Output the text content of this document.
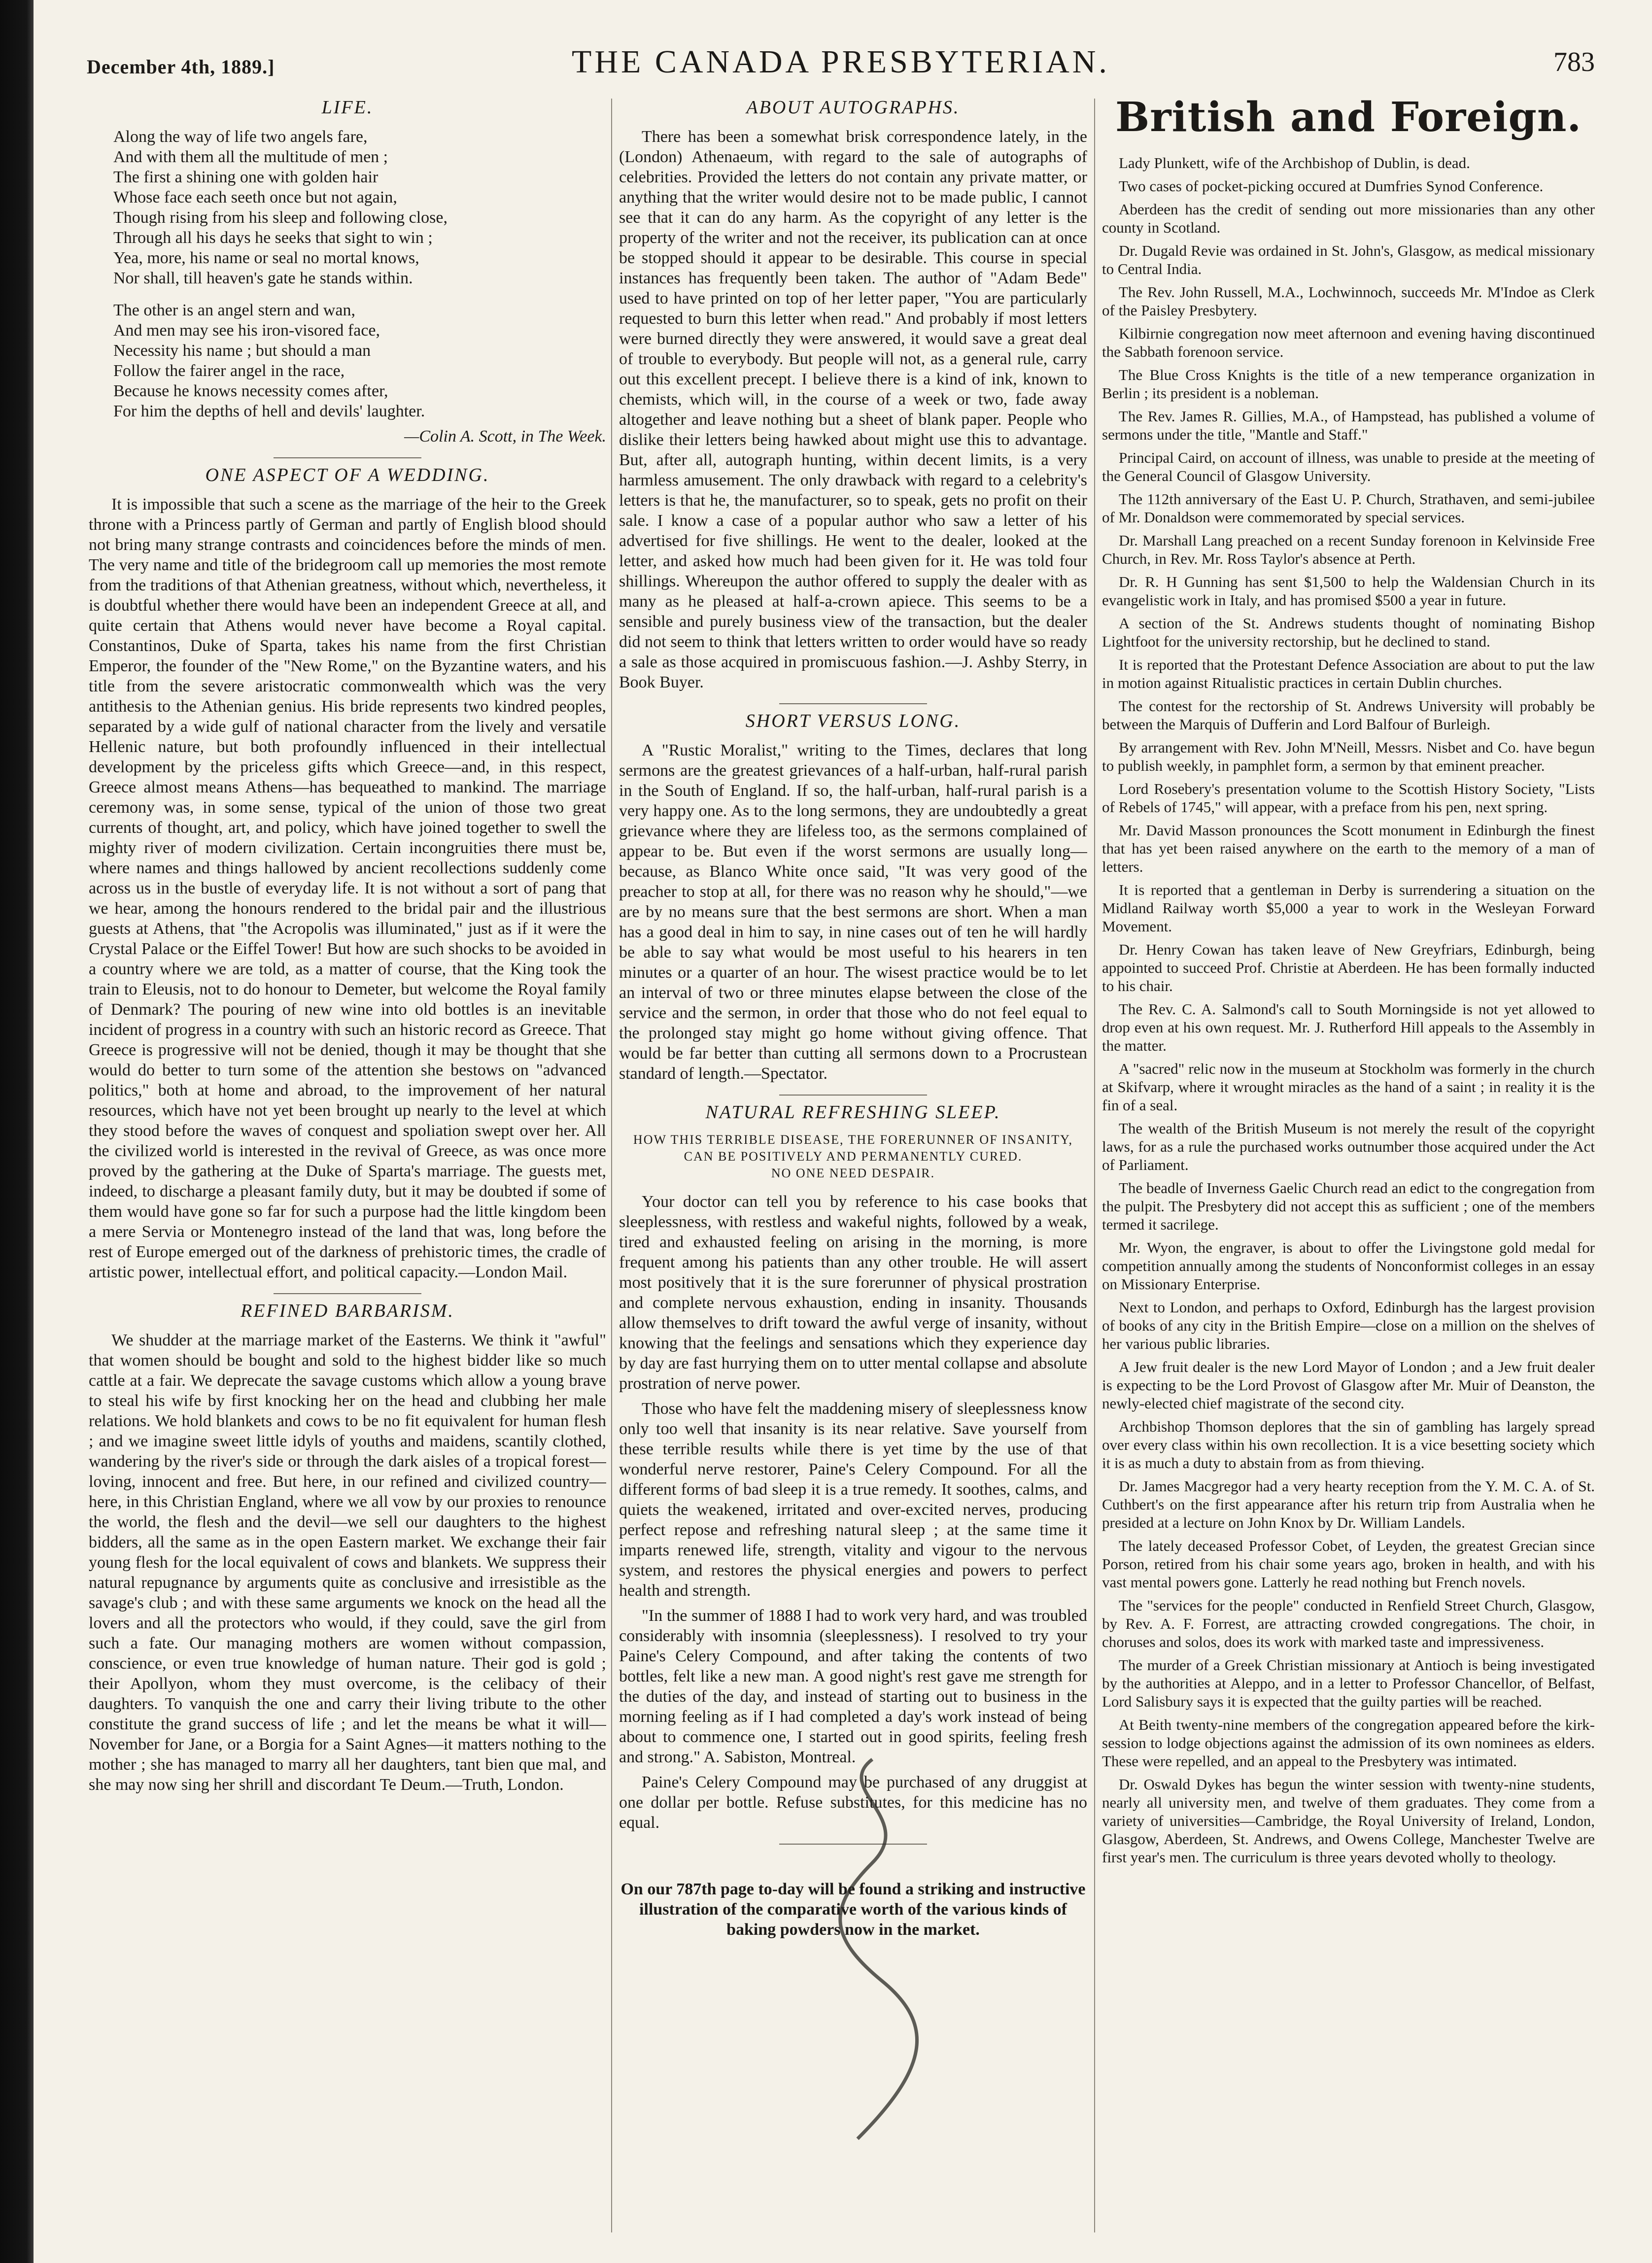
December 4th, 1889.]	THE CANADA PRESBYTERIAN.	783
LIFE.
Along the way of life two angels fare,
And with them all the multitude of men ;
The first a shining one with golden hair
Whose face each seeth once but not again,
Though rising from his sleep and following close,
Through all his days he seeks that sight to win ;
Yea, more, his name or seal no mortal knows,
Nor shall, till heaven's gate he stands within.
The other is an angel stern and wan,
And men may see his iron-visored face,
Necessity his name ; but should a man
Follow the fairer angel in the race,
Because he knows necessity comes after,
For him the depths of hell and devils' laughter.
—Colin A. Scott, in The Week.
ONE ASPECT OF A WEDDING.

It is impossible that such a scene as the marriage of the heir to the Greek throne with a Princess partly of German and partly of English blood should not bring many strange contrasts and coincidences before the minds of men. The very name and title of the bridegroom call up memories the most remote from the traditions of that Athenian greatness, without which, nevertheless, it is doubtful whether there would have been an independent Greece at all, and quite certain that Athens would never have become a Royal capital. Constantinos, Duke of Sparta, takes his name from the first Christian Emperor, the founder of the "New Rome," on the Byzantine waters, and his title from the severe aristocratic commonwealth which was the very antithesis to the Athenian genius. His bride represents two kindred peoples, separated by a wide gulf of national character from the lively and versatile Hellenic nature, but both profoundly influenced in their intellectual development by the priceless gifts which Greece—and, in this respect, Greece almost means Athens—has bequeathed to mankind. The marriage ceremony was, in some sense, typical of the union of those two great currents of thought, art, and policy, which have joined together to swell the mighty river of modern civilization. Certain incongruities there must be, where names and things hallowed by ancient recollections suddenly come across us in the bustle of everyday life. It is not without a sort of pang that we hear, among the honours rendered to the bridal pair and the illustrious guests at Athens, that "the Acropolis was illuminated," just as if it were the Crystal Palace or the Eiffel Tower! But how are such shocks to be avoided in a country where we are told, as a matter of course, that the King took the train to Eleusis, not to do honour to Demeter, but welcome the Royal family of Denmark? The pouring of new wine into old bottles is an inevitable incident of progress in a country with such an historic record as Greece. That Greece is progressive will not be denied, though it may be thought that she would do better to turn some of the attention she bestows on "advanced politics," both at home and abroad, to the improvement of her natural resources, which have not yet been brought up nearly to the level at which they stood before the waves of conquest and spoliation swept over her. All the civilized world is interested in the revival of Greece, as was once more proved by the gathering at the Duke of Sparta's marriage. The guests met, indeed, to discharge a pleasant family duty, but it may be doubted if some of them would have gone so far for such a purpose had the little kingdom been a mere Servia or Montenegro instead of the land that was, long before the rest of Europe emerged out of the darkness of prehistoric times, the cradle of artistic power, intellectual effort, and political capacity.—London Mail.

REFINED BARBARISM.

We shudder at the marriage market of the Easterns. We think it "awful" that women should be bought and sold to the highest bidder like so much cattle at a fair. We deprecate the savage customs which allow a young brave to steal his wife by first knocking her on the head and clubbing her male relations. We hold blankets and cows to be no fit equivalent for human flesh ; and we imagine sweet little idyls of youths and maidens, scantily clothed, wandering by the river's side or through the dark aisles of a tropical forest—loving, innocent and free. But here, in our refined and civilized country—here, in this Christian England, where we all vow by our proxies to renounce the world, the flesh and the devil—we sell our daughters to the highest bidders, all the same as in the open Eastern market. We exchange their fair young flesh for the local equivalent of cows and blankets. We suppress their natural repugnance by arguments quite as conclusive and irresistible as the savage's club ; and with these same arguments we knock on the head all the lovers and all the protectors who would, if they could, save the girl from such a fate. Our managing mothers are women without compassion, conscience, or even true knowledge of human nature. Their god is gold ; their Apollyon, whom they must overcome, is the celibacy of their daughters. To vanquish the one and carry their living tribute to the other constitute the grand success of life ; and let the means be what it will—November for Jane, or a Borgia for a Saint Agnes—it matters nothing to the mother ; she has managed to marry all her daughters, tant bien que mal, and she may now sing her shrill and discordant Te Deum.—Truth, London.

ABOUT AUTOGRAPHS.

There has been a somewhat brisk correspondence lately, in the (London) Athenaeum, with regard to the sale of autographs of celebrities. Provided the letters do not contain any private matter, or anything that the writer would desire not to be made public, I cannot see that it can do any harm. As the copyright of any letter is the property of the writer and not the receiver, its publication can at once be stopped should it appear to be desirable. This course in special instances has frequently been taken. The author of "Adam Bede" used to have printed on top of her letter paper, "You are particularly requested to burn this letter when read." And probably if most letters were burned directly they were answered, it would save a great deal of trouble to everybody. But people will not, as a general rule, carry out this excellent precept. I believe there is a kind of ink, known to chemists, which will, in the course of a week or two, fade away altogether and leave nothing but a sheet of blank paper. People who dislike their letters being hawked about might use this to advantage. But, after all, autograph hunting, within decent limits, is a very harmless amusement. The only drawback with regard to a celebrity's letters is that he, the manufacturer, so to speak, gets no profit on their sale. I know a case of a popular author who saw a letter of his advertised for five shillings. He went to the dealer, looked at the letter, and asked how much had been given for it. He was told four shillings. Whereupon the author offered to supply the dealer with as many as he pleased at half-a-crown apiece. This seems to be a sensible and purely business view of the transaction, but the dealer did not seem to think that letters written to order would have so ready a sale as those acquired in promiscuous fashion.—J. Ashby Sterry, in Book Buyer.

SHORT VERSUS LONG.

A "Rustic Moralist," writing to the Times, declares that long sermons are the greatest grievances of a half-urban, half-rural parish in the South of England. If so, the half-urban, half-rural parish is a very happy one. As to the long sermons, they are undoubtedly a great grievance where they are lifeless too, as the sermons complained of appear to be. But even if the worst sermons are usually long—because, as Blanco White once said, "It was very good of the preacher to stop at all, for there was no reason why he should,"—we are by no means sure that the best sermons are short. When a man has a good deal in him to say, in nine cases out of ten he will hardly be able to say what would be most useful to his hearers in ten minutes or a quarter of an hour. The wisest practice would be to let an interval of two or three minutes elapse between the close of the service and the sermon, in order that those who do not feel equal to the prolonged stay might go home without giving offence. That would be far better than cutting all sermons down to a Procrustean standard of length.—Spectator.

NATURAL REFRESHING SLEEP.
HOW THIS TERRIBLE DISEASE, THE FORERUNNER OF INSANITY,
CAN BE POSITIVELY AND PERMANENTLY CURED.
NO ONE NEED DESPAIR.

Your doctor can tell you by reference to his case books that sleeplessness, with restless and wakeful nights, followed by a weak, tired and exhausted feeling on arising in the morning, is more frequent among his patients than any other trouble. He will assert most positively that it is the sure forerunner of physical prostration and complete nervous exhaustion, ending in insanity. Thousands allow themselves to drift toward the awful verge of insanity, without knowing that the feelings and sensations which they experience day by day are fast hurrying them on to utter mental collapse and absolute prostration of nerve power.

Those who have felt the maddening misery of sleeplessness know only too well that insanity is its near relative. Save yourself from these terrible results while there is yet time by the use of that wonderful nerve restorer, Paine's Celery Compound. For all the different forms of bad sleep it is a true remedy. It soothes, calms, and quiets the weakened, irritated and over-excited nerves, producing perfect repose and refreshing natural sleep ; at the same time it imparts renewed life, strength, vitality and vigour to the nervous system, and restores the physical energies and powers to perfect health and strength.

"In the summer of 1888 I had to work very hard, and was troubled considerably with insomnia (sleeplessness). I resolved to try your Paine's Celery Compound, and after taking the contents of two bottles, felt like a new man. A good night's rest gave me strength for the duties of the day, and instead of starting out to business in the morning feeling as if I had completed a day's work instead of being about to commence one, I started out in good spirits, feeling fresh and strong." A. Sabiston, Montreal.

Paine's Celery Compound may be purchased of any druggist at one dollar per bottle. Refuse substitutes, for this medicine has no equal.

On our 787th page to-day will be found a striking and instructive illustration of the comparative worth of the various kinds of baking powders now in the market.
British and Foreign.

Lady Plunkett, wife of the Archbishop of Dublin, is dead.

Two cases of pocket-picking occured at Dumfries Synod Conference.

Aberdeen has the credit of sending out more missionaries than any other county in Scotland.

Dr. Dugald Revie was ordained in St. John's, Glasgow, as medical missionary to Central India.

The Rev. John Russell, M.A., Lochwinnoch, succeeds Mr. M'Indoe as Clerk of the Paisley Presbytery.

Kilbirnie congregation now meet afternoon and evening having discontinued the Sabbath forenoon service.

The Blue Cross Knights is the title of a new temperance organization in Berlin ; its president is a nobleman.

The Rev. James R. Gillies, M.A., of Hampstead, has published a volume of sermons under the title, "Mantle and Staff."

Principal Caird, on account of illness, was unable to preside at the meeting of the General Council of Glasgow University.

The 112th anniversary of the East U. P. Church, Strathaven, and semi-jubilee of Mr. Donaldson were commemorated by special services.

Dr. Marshall Lang preached on a recent Sunday forenoon in Kelvinside Free Church, in Rev. Mr. Ross Taylor's absence at Perth.

Dr. R. H Gunning has sent $1,500 to help the Waldensian Church in its evangelistic work in Italy, and has promised $500 a year in future.

A section of the St. Andrews students thought of nominating Bishop Lightfoot for the university rectorship, but he declined to stand.

It is reported that the Protestant Defence Association are about to put the law in motion against Ritualistic practices in certain Dublin churches.

The contest for the rectorship of St. Andrews University will probably be between the Marquis of Dufferin and Lord Balfour of Burleigh.

By arrangement with Rev. John M'Neill, Messrs. Nisbet and Co. have begun to publish weekly, in pamphlet form, a sermon by that eminent preacher.

Lord Rosebery's presentation volume to the Scottish History Society, "Lists of Rebels of 1745," will appear, with a preface from his pen, next spring.

Mr. David Masson pronounces the Scott monument in Edinburgh the finest that has yet been raised anywhere on the earth to the memory of a man of letters.

It is reported that a gentleman in Derby is surrendering a situation on the Midland Railway worth $5,000 a year to work in the Wesleyan Forward Movement.

Dr. Henry Cowan has taken leave of New Greyfriars, Edinburgh, being appointed to succeed Prof. Christie at Aberdeen. He has been formally inducted to his chair.

The Rev. C. A. Salmond's call to South Morningside is not yet allowed to drop even at his own request. Mr. J. Rutherford Hill appeals to the Assembly in the matter.

A "sacred" relic now in the museum at Stockholm was formerly in the church at Skifvarp, where it wrought miracles as the hand of a saint ; in reality it is the fin of a seal.

The wealth of the British Museum is not merely the result of the copyright laws, for as a rule the purchased works outnumber those acquired under the Act of Parliament.

The beadle of Inverness Gaelic Church read an edict to the congregation from the pulpit. The Presbytery did not accept this as sufficient ; one of the members termed it sacrilege.

Mr. Wyon, the engraver, is about to offer the Livingstone gold medal for competition annually among the students of Nonconformist colleges in an essay on Missionary Enterprise.

Next to London, and perhaps to Oxford, Edinburgh has the largest provision of books of any city in the British Empire—close on a million on the shelves of her various public libraries.

A Jew fruit dealer is the new Lord Mayor of London ; and a Jew fruit dealer is expecting to be the Lord Provost of Glasgow after Mr. Muir of Deanston, the newly-elected chief magistrate of the second city.

Archbishop Thomson deplores that the sin of gambling has largely spread over every class within his own recollection. It is a vice besetting society which it is as much a duty to abstain from as from thieving.

Dr. James Macgregor had a very hearty reception from the Y. M. C. A. of St. Cuthbert's on the first appearance after his return trip from Australia when he presided at a lecture on John Knox by Dr. William Landels.

The lately deceased Professor Cobet, of Leyden, the greatest Grecian since Porson, retired from his chair some years ago, broken in health, and with his vast mental powers gone. Latterly he read nothing but French novels.

The "services for the people" conducted in Renfield Street Church, Glasgow, by Rev. A. F. Forrest, are attracting crowded congregations. The choir, in choruses and solos, does its work with marked taste and impressiveness.

The murder of a Greek Christian missionary at Antioch is being investigated by the authorities at Aleppo, and in a letter to Professor Chancellor, of Belfast, Lord Salisbury says it is expected that the guilty parties will be reached.

At Beith twenty-nine members of the congregation appeared before the kirk-session to lodge objections against the admission of its own nominees as elders. These were repelled, and an appeal to the Presbytery was intimated.

Dr. Oswald Dykes has begun the winter session with twenty-nine students, nearly all university men, and twelve of them graduates. They come from a variety of universities—Cambridge, the Royal University of Ireland, London, Glasgow, Aberdeen, St. Andrews, and Owens College, Manchester Twelve are first year's men. The curriculum is three years devoted wholly to theology.
